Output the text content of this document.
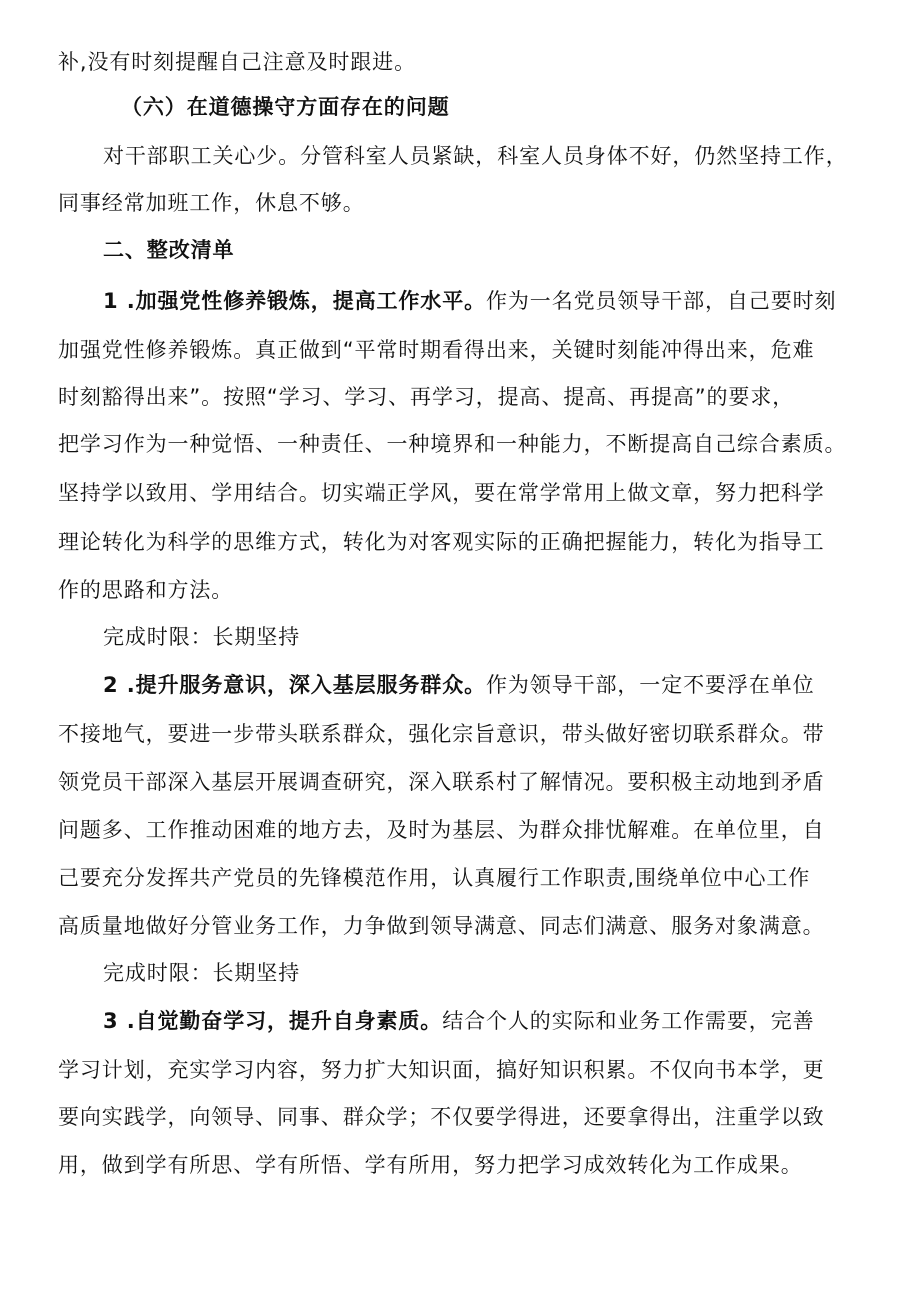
补,没有时刻提醒自己注意及时跟进。
（六）在道德操守方面存在的问题
对干部职工关心少。分管科室人员紧缺，科室人员身体不好，仍然坚持工作，
同事经常加班工作，休息不够。
二、整改清单
1 .加强党性修养锻炼，提高工作水平。作为一名党员领导干部，自己要时刻
加强党性修养锻炼。真正做到“平常时期看得出来，关键时刻能冲得出来，危难
时刻豁得出来”。按照“学习、学习、再学习，提高、提高、再提高”的要求，
把学习作为一种觉悟、一种责任、一种境界和一种能力，不断提高自己综合素质。
坚持学以致用、学用结合。切实端正学风，要在常学常用上做文章，努力把科学
理论转化为科学的思维方式，转化为对客观实际的正确把握能力，转化为指导工
作的思路和方法。
完成时限：长期坚持
2 .提升服务意识，深入基层服务群众。作为领导干部，一定不要浮在单位
不接地气，要进一步带头联系群众，强化宗旨意识，带头做好密切联系群众。带
领党员干部深入基层开展调查研究，深入联系村了解情况。要积极主动地到矛盾
问题多、工作推动困难的地方去，及时为基层、为群众排忧解难。在单位里，自
己要充分发挥共产党员的先锋模范作用，认真履行工作职责,围绕单位中心工作
高质量地做好分管业务工作，力争做到领导满意、同志们满意、服务对象满意。
完成时限：长期坚持
3 .自觉勤奋学习，提升自身素质。结合个人的实际和业务工作需要，完善
学习计划，充实学习内容，努力扩大知识面，搞好知识积累。不仅向书本学，更
要向实践学，向领导、同事、群众学；不仅要学得进，还要拿得出，注重学以致
用，做到学有所思、学有所悟、学有所用，努力把学习成效转化为工作成果。
